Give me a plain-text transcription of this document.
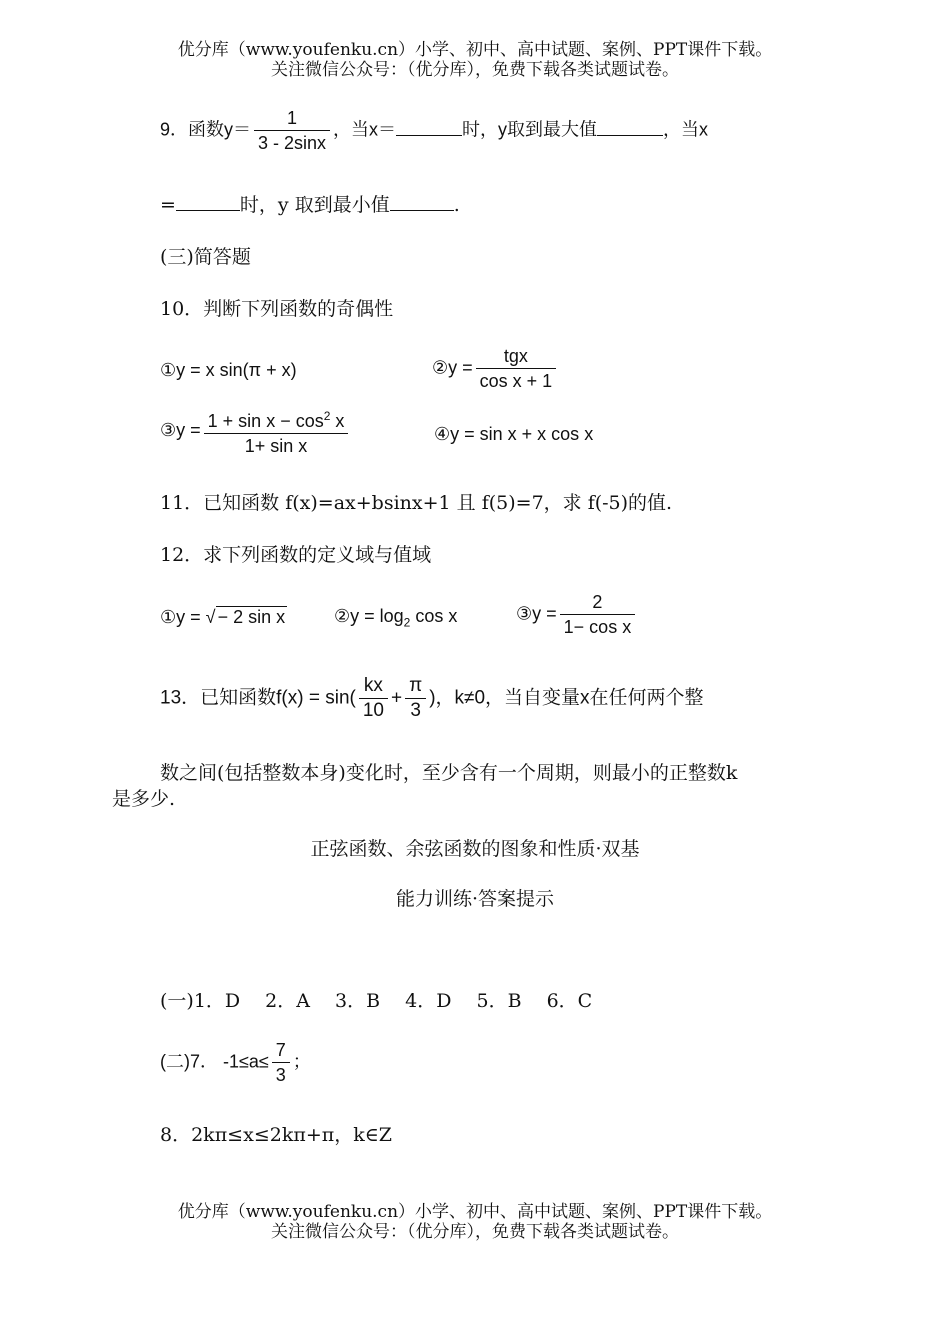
优分库（www.youfenku.cn）小学、初中、高中试题、案例、PPT课件下载。
关注微信公众号：（优分库），免费下载各类试题试卷。
9．函数$y= \frac{1}{3 - 2\sin x}$ ，当x＝	时，y取到最大值	，当x
=	时，y 取到最小值	.
(三)简答题
10．判断下列函数的奇偶性
①y = x sin(π + x)	②y = $\frac{\text{tgx}}{\text{cos x + 1}}$
③y = $\frac{1 + \sin x - \cos^2 x}{\text{1+ sin x}}$	④y = sin x + x cos x
11．已知函数 f(x)=ax+bsinx+1 且 f(5)=7，求 f(-5)的值.
12．求下列函数的定义域与值域
①y = √ − 2 sin x	②y = $\log_2 \cos x$	③y = $\frac{2}{\text{1− cos x}}$
13．已知函数$f(x) = \sin( \frac{kx}{10} + \frac{\pi}{3}$ )，k≠0，当自变量x在任何两个整
数之间(包括整数本身)变化时，至少含有一个周期，则最小的正整数k
是多少.
正弦函数、余弦函数的图象和性质·双基
能力训练·答案提示
(一)1．D　 2．A　 3．B　 4．D　 5．B　 6．C
(二)7． $-1\le a\le \frac{7}{3}$ ；
8．2kπ≤x≤2kπ+π，k∈Z
优分库（www.youfenku.cn）小学、初中、高中试题、案例、PPT课件下载。
关注微信公众号：（优分库），免费下载各类试题试卷。
